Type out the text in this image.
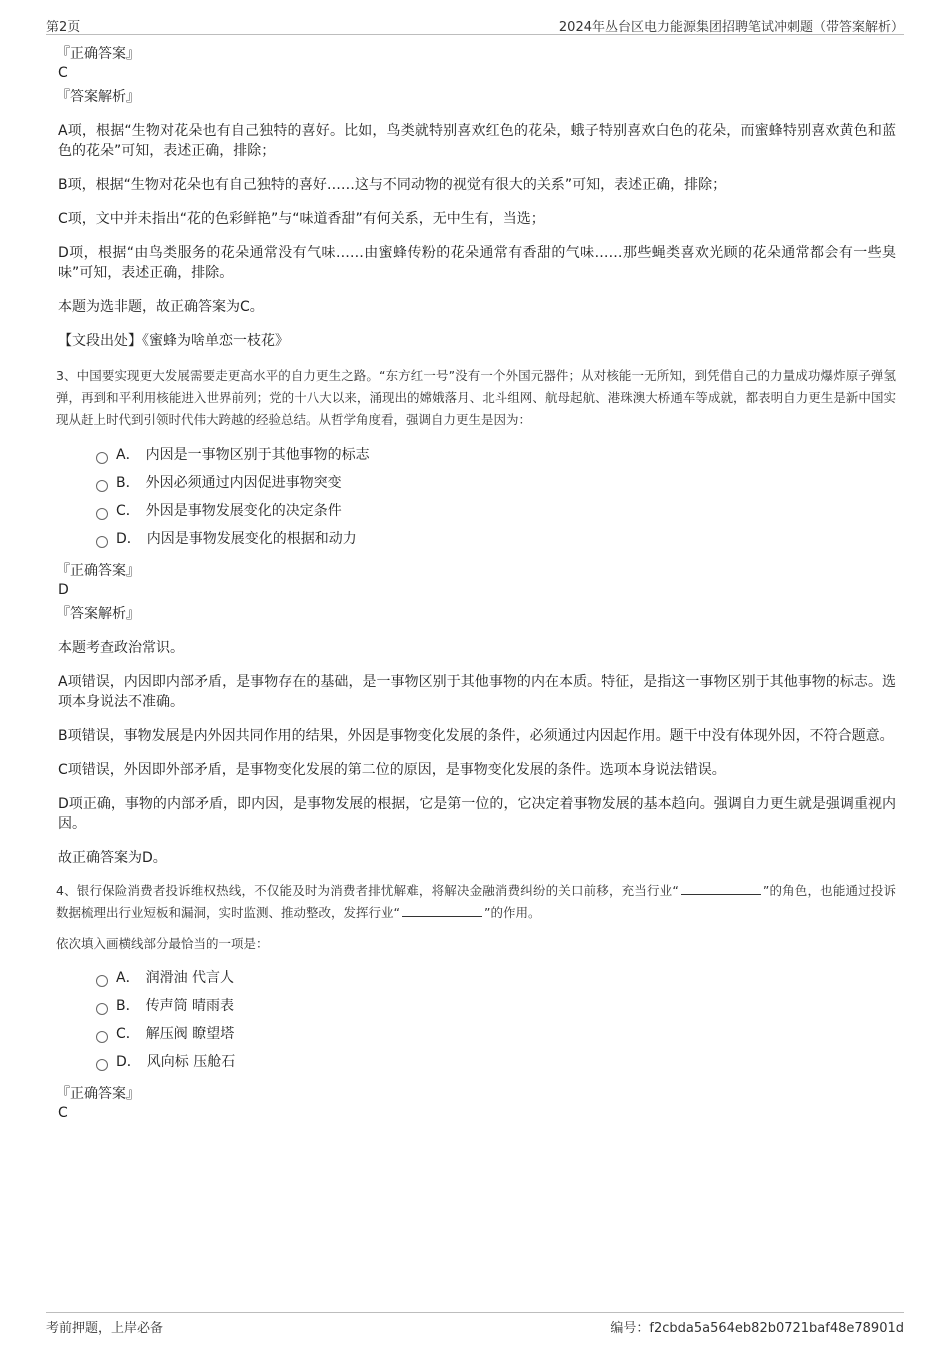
第2页	2024年丛台区电力能源集团招聘笔试冲刺题（带答案解析）

『正确答案』

C

『答案解析』

A项，根据“生物对花朵也有自己独特的喜好。比如，鸟类就特别喜欢红色的花朵，蛾子特别喜欢白色的花朵，而蜜蜂特别喜欢黄色和蓝色的花朵”可知，表述正确，排除；

B项，根据“生物对花朵也有自己独特的喜好……这与不同动物的视觉有很大的关系”可知，表述正确，排除；

C项，文中并未指出“花的色彩鲜艳”与“味道香甜”有何关系，无中生有，当选；

D项，根据“由鸟类服务的花朵通常没有气味……由蜜蜂传粉的花朵通常有香甜的气味……那些蝇类喜欢光顾的花朵通常都会有一些臭味”可知，表述正确，排除。

本题为选非题，故正确答案为C。

【文段出处】《蜜蜂为啥单恋一枝花》

3、中国要实现更大发展需要走更高水平的自力更生之路。“东方红一号”没有一个外国元器件；从对核能一无所知，到凭借自己的力量成功爆炸原子弹氢弹，再到和平利用核能进入世界前列；党的十八大以来，涌现出的嫦娥落月、北斗组网、航母起航、港珠澳大桥通车等成就，都表明自力更生是新中国实现从赶上时代到引领时代伟大跨越的经验总结。从哲学角度看，强调自力更生是因为：

A． 内因是一事物区别于其他事物的标志
B． 外因必须通过内因促进事物突变
C． 外因是事物发展变化的决定条件
D． 内因是事物发展变化的根据和动力

『正确答案』

D

『答案解析』

本题考查政治常识。

A项错误，内因即内部矛盾，是事物存在的基础，是一事物区别于其他事物的内在本质。特征，是指这一事物区别于其他事物的标志。选项本身说法不准确。

B项错误，事物发展是内外因共同作用的结果，外因是事物变化发展的条件，必须通过内因起作用。题干中没有体现外因，不符合题意。

C项错误，外因即外部矛盾，是事物变化发展的第二位的原因，是事物变化发展的条件。选项本身说法错误。

D项正确，事物的内部矛盾，即内因，是事物发展的根据，它是第一位的，它决定着事物发展的基本趋向。强调自力更生就是强调重视内因。

故正确答案为D。

4、银行保险消费者投诉维权热线，不仅能及时为消费者排忧解难，将解决金融消费纠纷的关口前移，充当行业“	”的角色，也能通过投诉数据梳理出行业短板和漏洞，实时监测、推动整改，发挥行业“	”的作用。

依次填入画横线部分最恰当的一项是：

A． 润滑油 代言人
B． 传声筒 晴雨表
C． 解压阀 瞭望塔
D． 风向标 压舱石

『正确答案』

C

考前押题，上岸必备	编号：f2cbda5a564eb82b0721baf48e78901d
